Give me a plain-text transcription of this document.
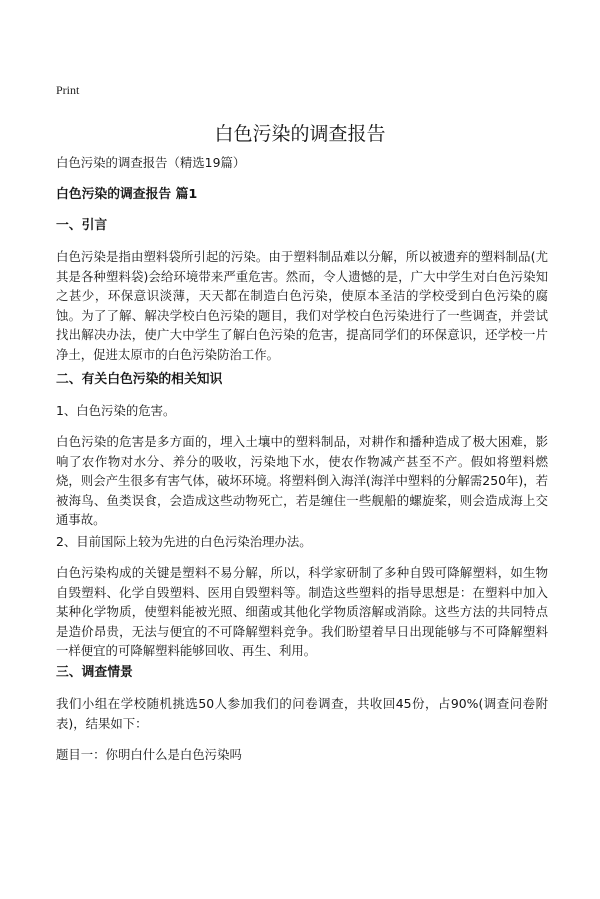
Print
白色污染的调查报告
白色污染的调查报告（精选19篇）
白色污染的调查报告 篇1
一、引言
白色污染是指由塑料袋所引起的污染。由于塑料制品难以分解，所以被遗弃的塑料制品(尤其是各种塑料袋)会给环境带来严重危害。然而，令人遗憾的是，广大中学生对白色污染知之甚少，环保意识淡薄，天天都在制造白色污染，使原本圣洁的学校受到白色污染的腐蚀。为了了解、解决学校白色污染的题目，我们对学校白色污染进行了一些调查，并尝试找出解决办法，使广大中学生了解白色污染的危害，提高同学们的环保意识，还学校一片净土，促进太原市的白色污染防治工作。
二、有关白色污染的相关知识
1、白色污染的危害。
白色污染的危害是多方面的，埋入土壤中的塑料制品，对耕作和播种造成了极大困难，影响了农作物对水分、养分的吸收，污染地下水，使农作物减产甚至不产。假如将塑料燃烧，则会产生很多有害气体，破坏环境。将塑料倒入海洋(海洋中塑料的分解需250年)，若被海鸟、鱼类误食，会造成这些动物死亡，若是缠住一些舰船的螺旋桨，则会造成海上交通事故。
2、目前国际上较为先进的白色污染治理办法。
白色污染构成的关键是塑料不易分解，所以，科学家研制了多种自毁可降解塑料，如生物自毁塑料、化学自毁塑料、医用自毁塑料等。制造这些塑料的指导思想是：在塑料中加入某种化学物质，使塑料能被光照、细菌或其他化学物质溶解或消除。这些方法的共同特点是造价昂贵，无法与便宜的不可降解塑料竞争。我们盼望着早日出现能够与不可降解塑料一样便宜的可降解塑料能够回收、再生、利用。
三、调查情景
我们小组在学校随机挑选50人参加我们的问卷调查，共收回45份，占90%(调查问卷附表)，结果如下：
题目一：你明白什么是白色污染吗
